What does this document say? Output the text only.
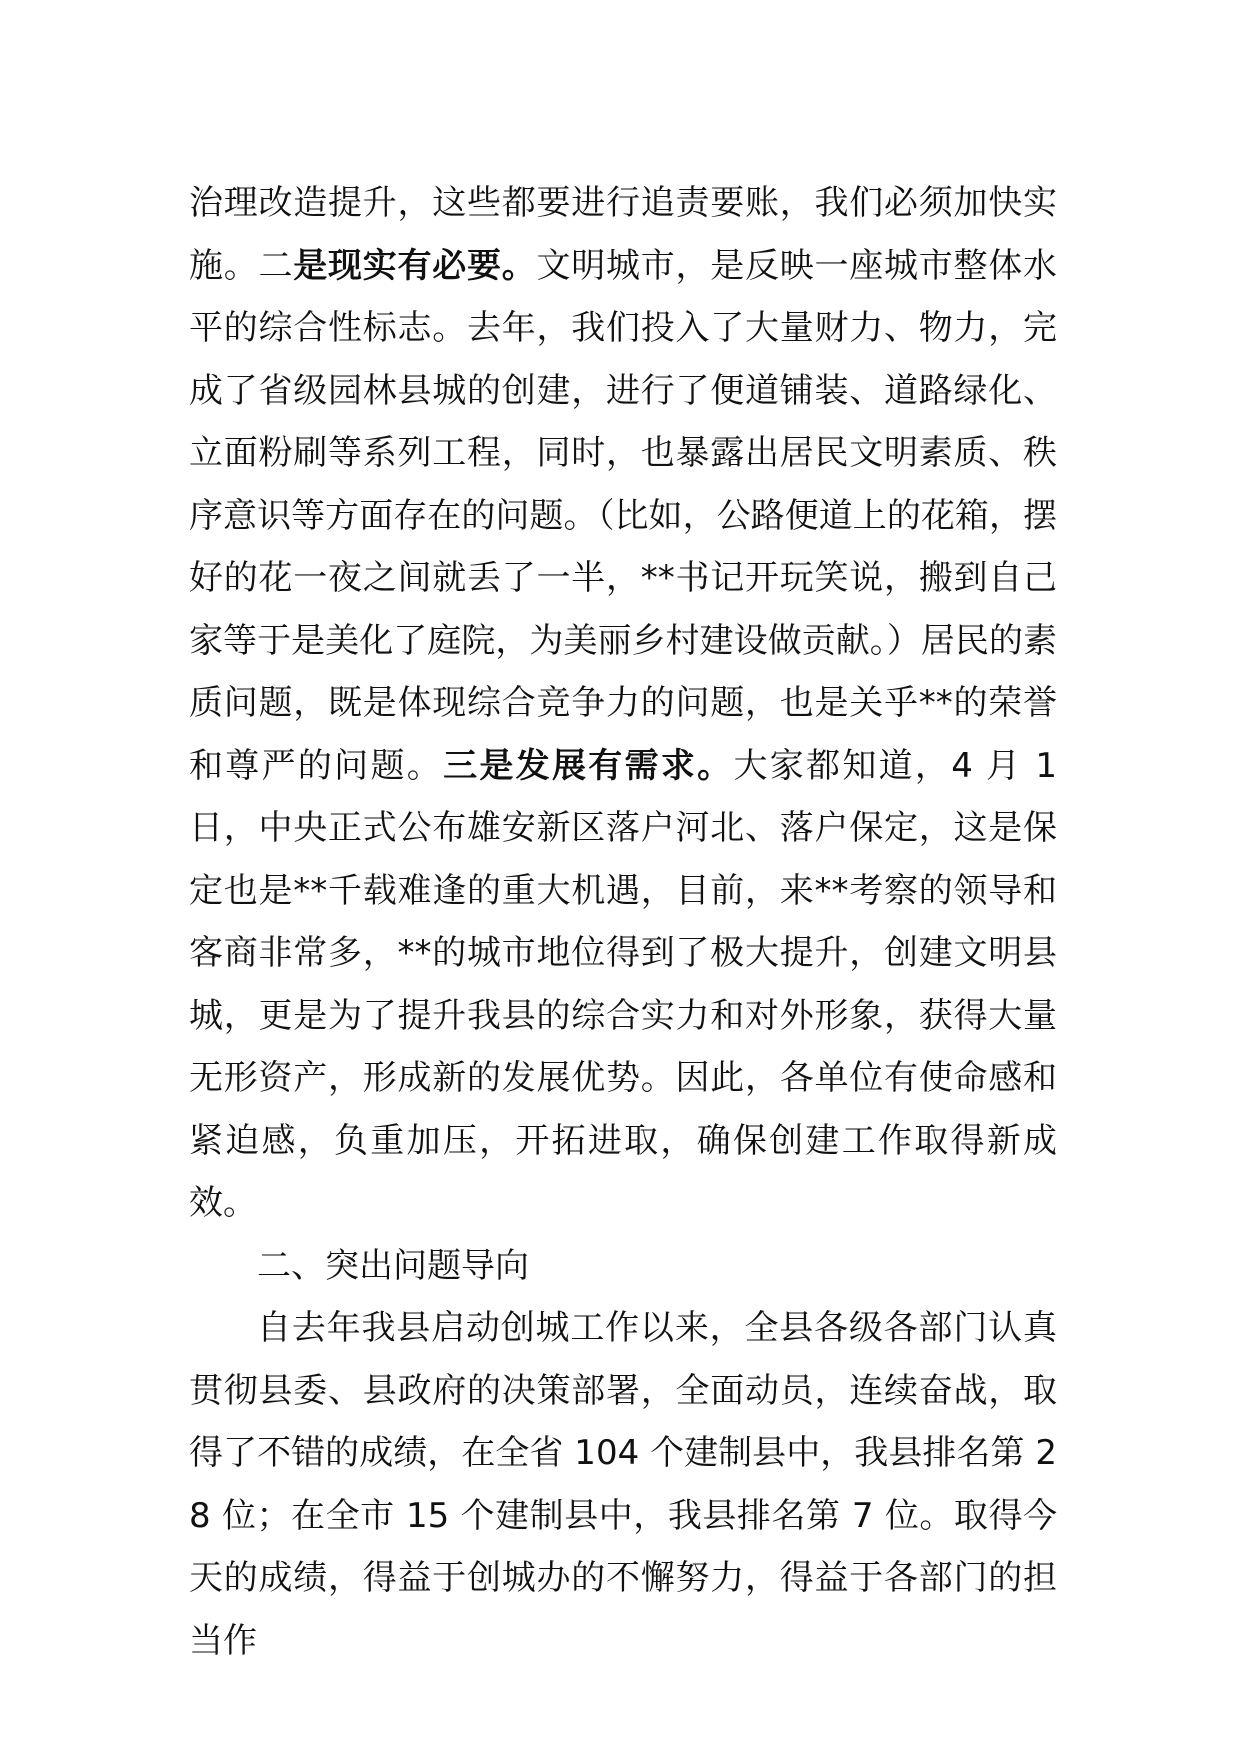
治理改造提升，这些都要进行追责要账，我们必须加快实施。二是现实有必要。文明城市，是反映一座城市整体水平的综合性标志。去年，我们投入了大量财力、物力，完成了省级园林县城的创建，进行了便道铺装、道路绿化、立面粉刷等系列工程，同时，也暴露出居民文明素质、秩序意识等方面存在的问题。（比如，公路便道上的花箱，摆好的花一夜之间就丢了一半，**书记开玩笑说，搬到自己家等于是美化了庭院，为美丽乡村建设做贡献。）居民的素质问题，既是体现综合竞争力的问题，也是关乎**的荣誉和尊严的问题。三是发展有需求。大家都知道，4 月 1 日，中央正式公布雄安新区落户河北、落户保定，这是保定也是**千载难逢的重大机遇，目前，来**考察的领导和客商非常多，**的城市地位得到了极大提升，创建文明县城，更是为了提升我县的综合实力和对外形象，获得大量无形资产，形成新的发展优势。因此，各单位有使命感和紧迫感，负重加压，开拓进取，确保创建工作取得新成效。

二、突出问题导向

自去年我县启动创城工作以来，全县各级各部门认真贯彻县委、县政府的决策部署，全面动员，连续奋战，取得了不错的成绩，在全省 104 个建制县中，我县排名第 28 位；在全市 15 个建制县中，我县排名第 7 位。取得今天的成绩，得益于创城办的不懈努力，得益于各部门的担当作
